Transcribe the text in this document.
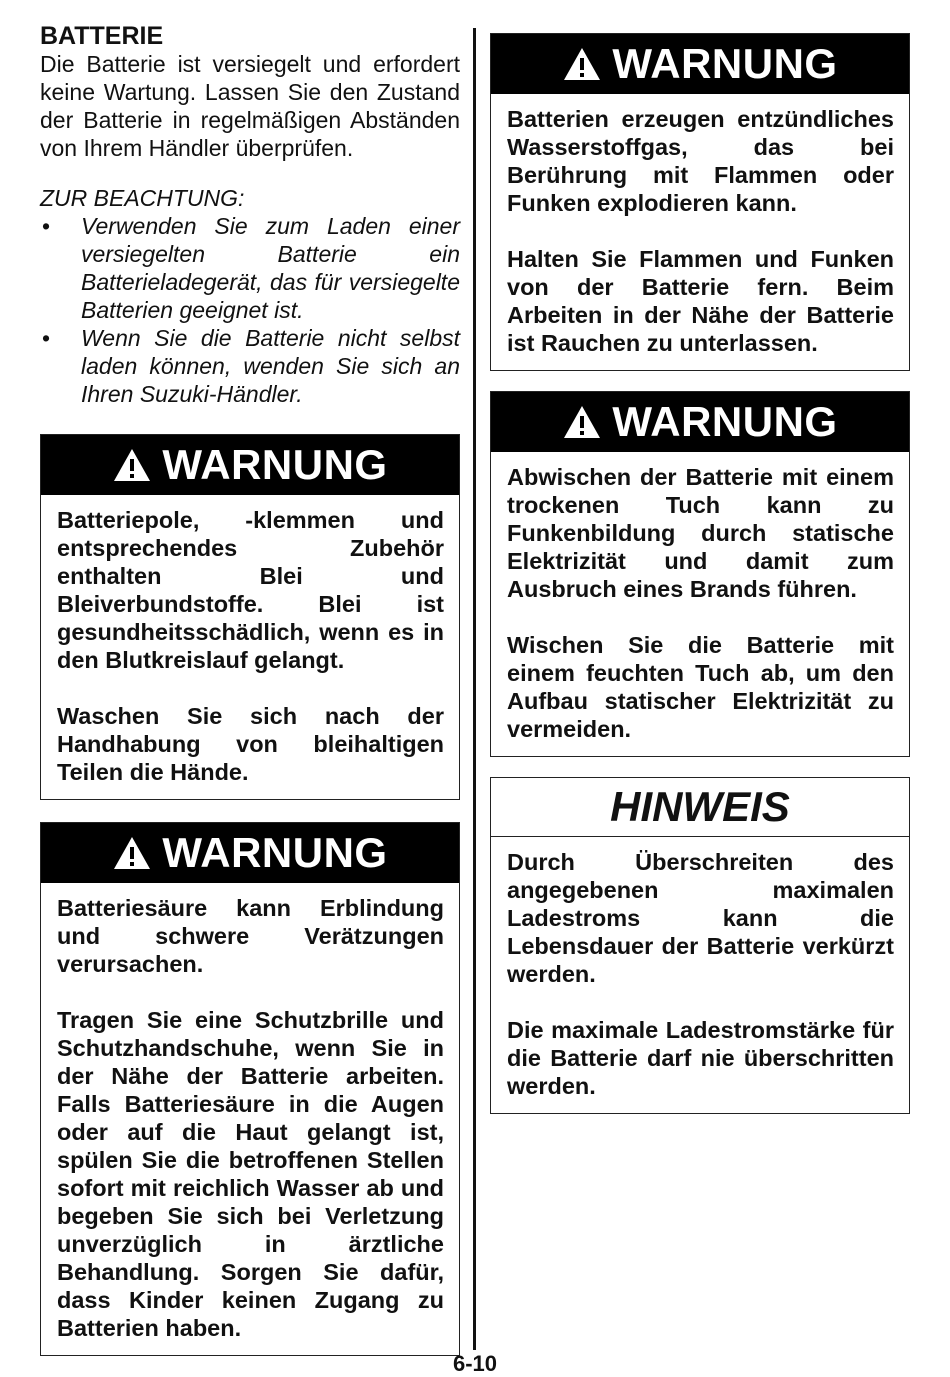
BATTERIE

Die Batterie ist versiegelt und erfordert keine Wartung. Lassen Sie den Zustand der Batterie in regelmäßigen Abständen von Ihrem Händler überprüfen.

ZUR BEACHTUNG:

• Verwenden Sie zum Laden einer versiegelten Batterie ein Batterieladegerät, das für versiegelte Batterien geeignet ist.
• Wenn Sie die Batterie nicht selbst laden können, wenden Sie sich an Ihren Suzuki-Händler.
WARNUNG

Batteriepole, -klemmen und entsprechendes Zubehör enthalten Blei und Bleiverbundstoffe. Blei ist gesundheitsschädlich, wenn es in den Blutkreislauf gelangt.

Waschen Sie sich nach der Handhabung von bleihaltigen Teilen die Hände.

WARNUNG

Batteriesäure kann Erblindung und schwere Verätzungen verursachen.

Tragen Sie eine Schutzbrille und Schutzhandschuhe, wenn Sie in der Nähe der Batterie arbeiten. Falls Batteriesäure in die Augen oder auf die Haut gelangt ist, spülen Sie die betroffenen Stellen sofort mit reichlich Wasser ab und begeben Sie sich bei Verletzung unverzüglich in ärztliche Behandlung. Sorgen Sie dafür, dass Kinder keinen Zugang zu Batterien haben.

WARNUNG

Batterien erzeugen entzündliches Wasserstoffgas, das bei Berührung mit Flammen oder Funken explodieren kann.

Halten Sie Flammen und Funken von der Batterie fern. Beim Arbeiten in der Nähe der Batterie ist Rauchen zu unterlassen.

WARNUNG

Abwischen der Batterie mit einem trockenen Tuch kann zu Funkenbildung durch statische Elektrizität und damit zum Ausbruch eines Brands führen.

Wischen Sie die Batterie mit einem feuchten Tuch ab, um den Aufbau statischer Elektrizität zu vermeiden.

HINWEIS

Durch Überschreiten des angegebenen maximalen Ladestroms kann die Lebensdauer der Batterie verkürzt werden.

Die maximale Ladestromstärke für die Batterie darf nie überschritten werden.

6-10
